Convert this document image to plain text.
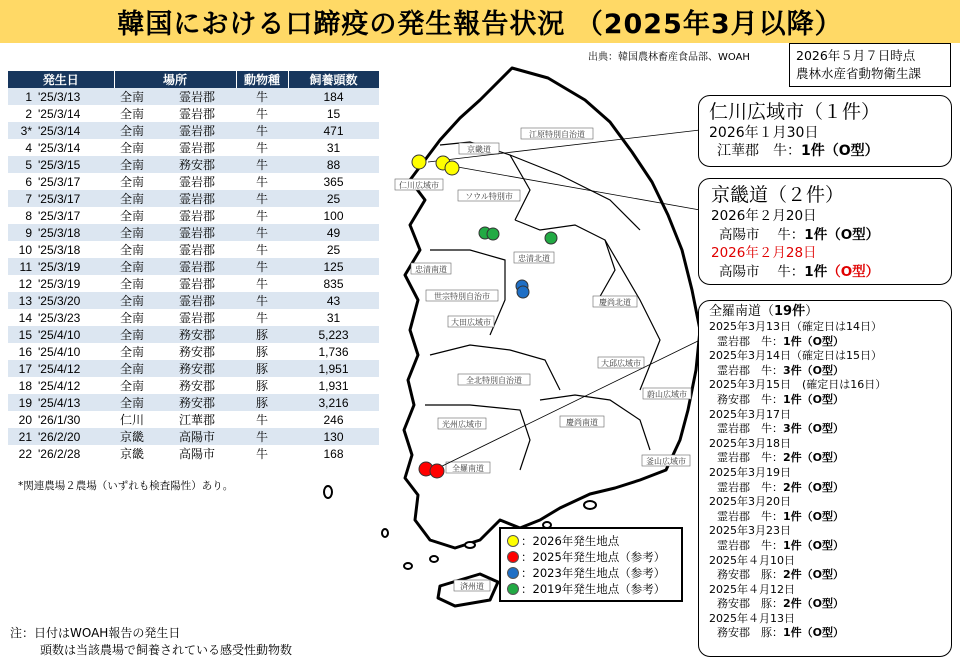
韓国における口蹄疫の発生報告状況 （2025年3月以降）
出典：韓国農林畜産食品部、WOAH	2026年５月７日時点
農林水産省動物衛生課
発生日		場所		動物種	飼養頭数
1	'25/3/13	全南	霊岩郡	牛	184
2	'25/3/14	全南	霊岩郡	牛	15
3*	'25/3/14	全南	霊岩郡	牛	471
4	'25/3/14	全南	霊岩郡	牛	31
5	'25/3/15	全南	務安郡	牛	88
6	'25/3/17	全南	霊岩郡	牛	365
7	'25/3/17	全南	霊岩郡	牛	25
8	'25/3/17	全南	霊岩郡	牛	100
9	'25/3/18	全南	霊岩郡	牛	49
10	'25/3/18	全南	霊岩郡	牛	25
11	'25/3/19	全南	霊岩郡	牛	125
12	'25/3/19	全南	霊岩郡	牛	835
13	'25/3/20	全南	霊岩郡	牛	43
14	'25/3/23	全南	霊岩郡	牛	31
15	'25/4/10	全南	務安郡	豚	5,223
16	'25/4/10	全南	務安郡	豚	1,736
17	'25/4/12	全南	務安郡	豚	1,951
18	'25/4/12	全南	務安郡	豚	1,931
19	'25/4/13	全南	務安郡	豚	3,216
20	'26/1/30	仁川	江華郡	牛	246
21	'26/2/20	京畿	高陽市	牛	130
22	'26/2/28	京畿	高陽市	牛	168
*関連農場２農場（いずれも検査陽性）あり。
注：日付はWOAH報告の発生日
頭数は当該農場で飼養されている感受性動物数
江原特別自治道
京畿道
仁川広域市
ソウル特別市
忠清南道
忠清北道
世宗特別自治市
大田広域市
慶尚北道
大邱広域市
蔚山広域市
全北特別自治道
光州広域市	慶尚南道
全羅南道
釜山広域市
済州道
：2026年発生地点
：2025年発生地点（参考）
：2023年発生地点（参考）
：2019年発生地点（参考）
仁川広域市（１件）
2026年１月30日
江華郡　牛：1件（O型）
京畿道（２件）
2026年２月20日
高陽市　 牛：1件（O型）
2026年２月28日
高陽市　 牛：1件（O型）
全羅南道（19件）
2025年3月13日（確定日は14日）
霊岩郡　牛：1件（O型）
2025年3月14日（確定日は15日）
霊岩郡　牛：3件（O型）
2025年3月15日　(確定日は16日）
務安郡　牛：1件（O型）
2025年3月17日
霊岩郡　牛：3件（O型）
2025年3月18日
霊岩郡　牛：2件（O型）
2025年3月19日
霊岩郡　牛：2件（O型）
2025年3月20日
霊岩郡　牛：1件（O型）
2025年3月23日
霊岩郡　牛：1件（O型）
2025年４月10日
務安郡　豚：2件（O型）
2025年４月12日
務安郡　豚：2件（O型）
2025年４月13日
務安郡　豚：1件（O型）
